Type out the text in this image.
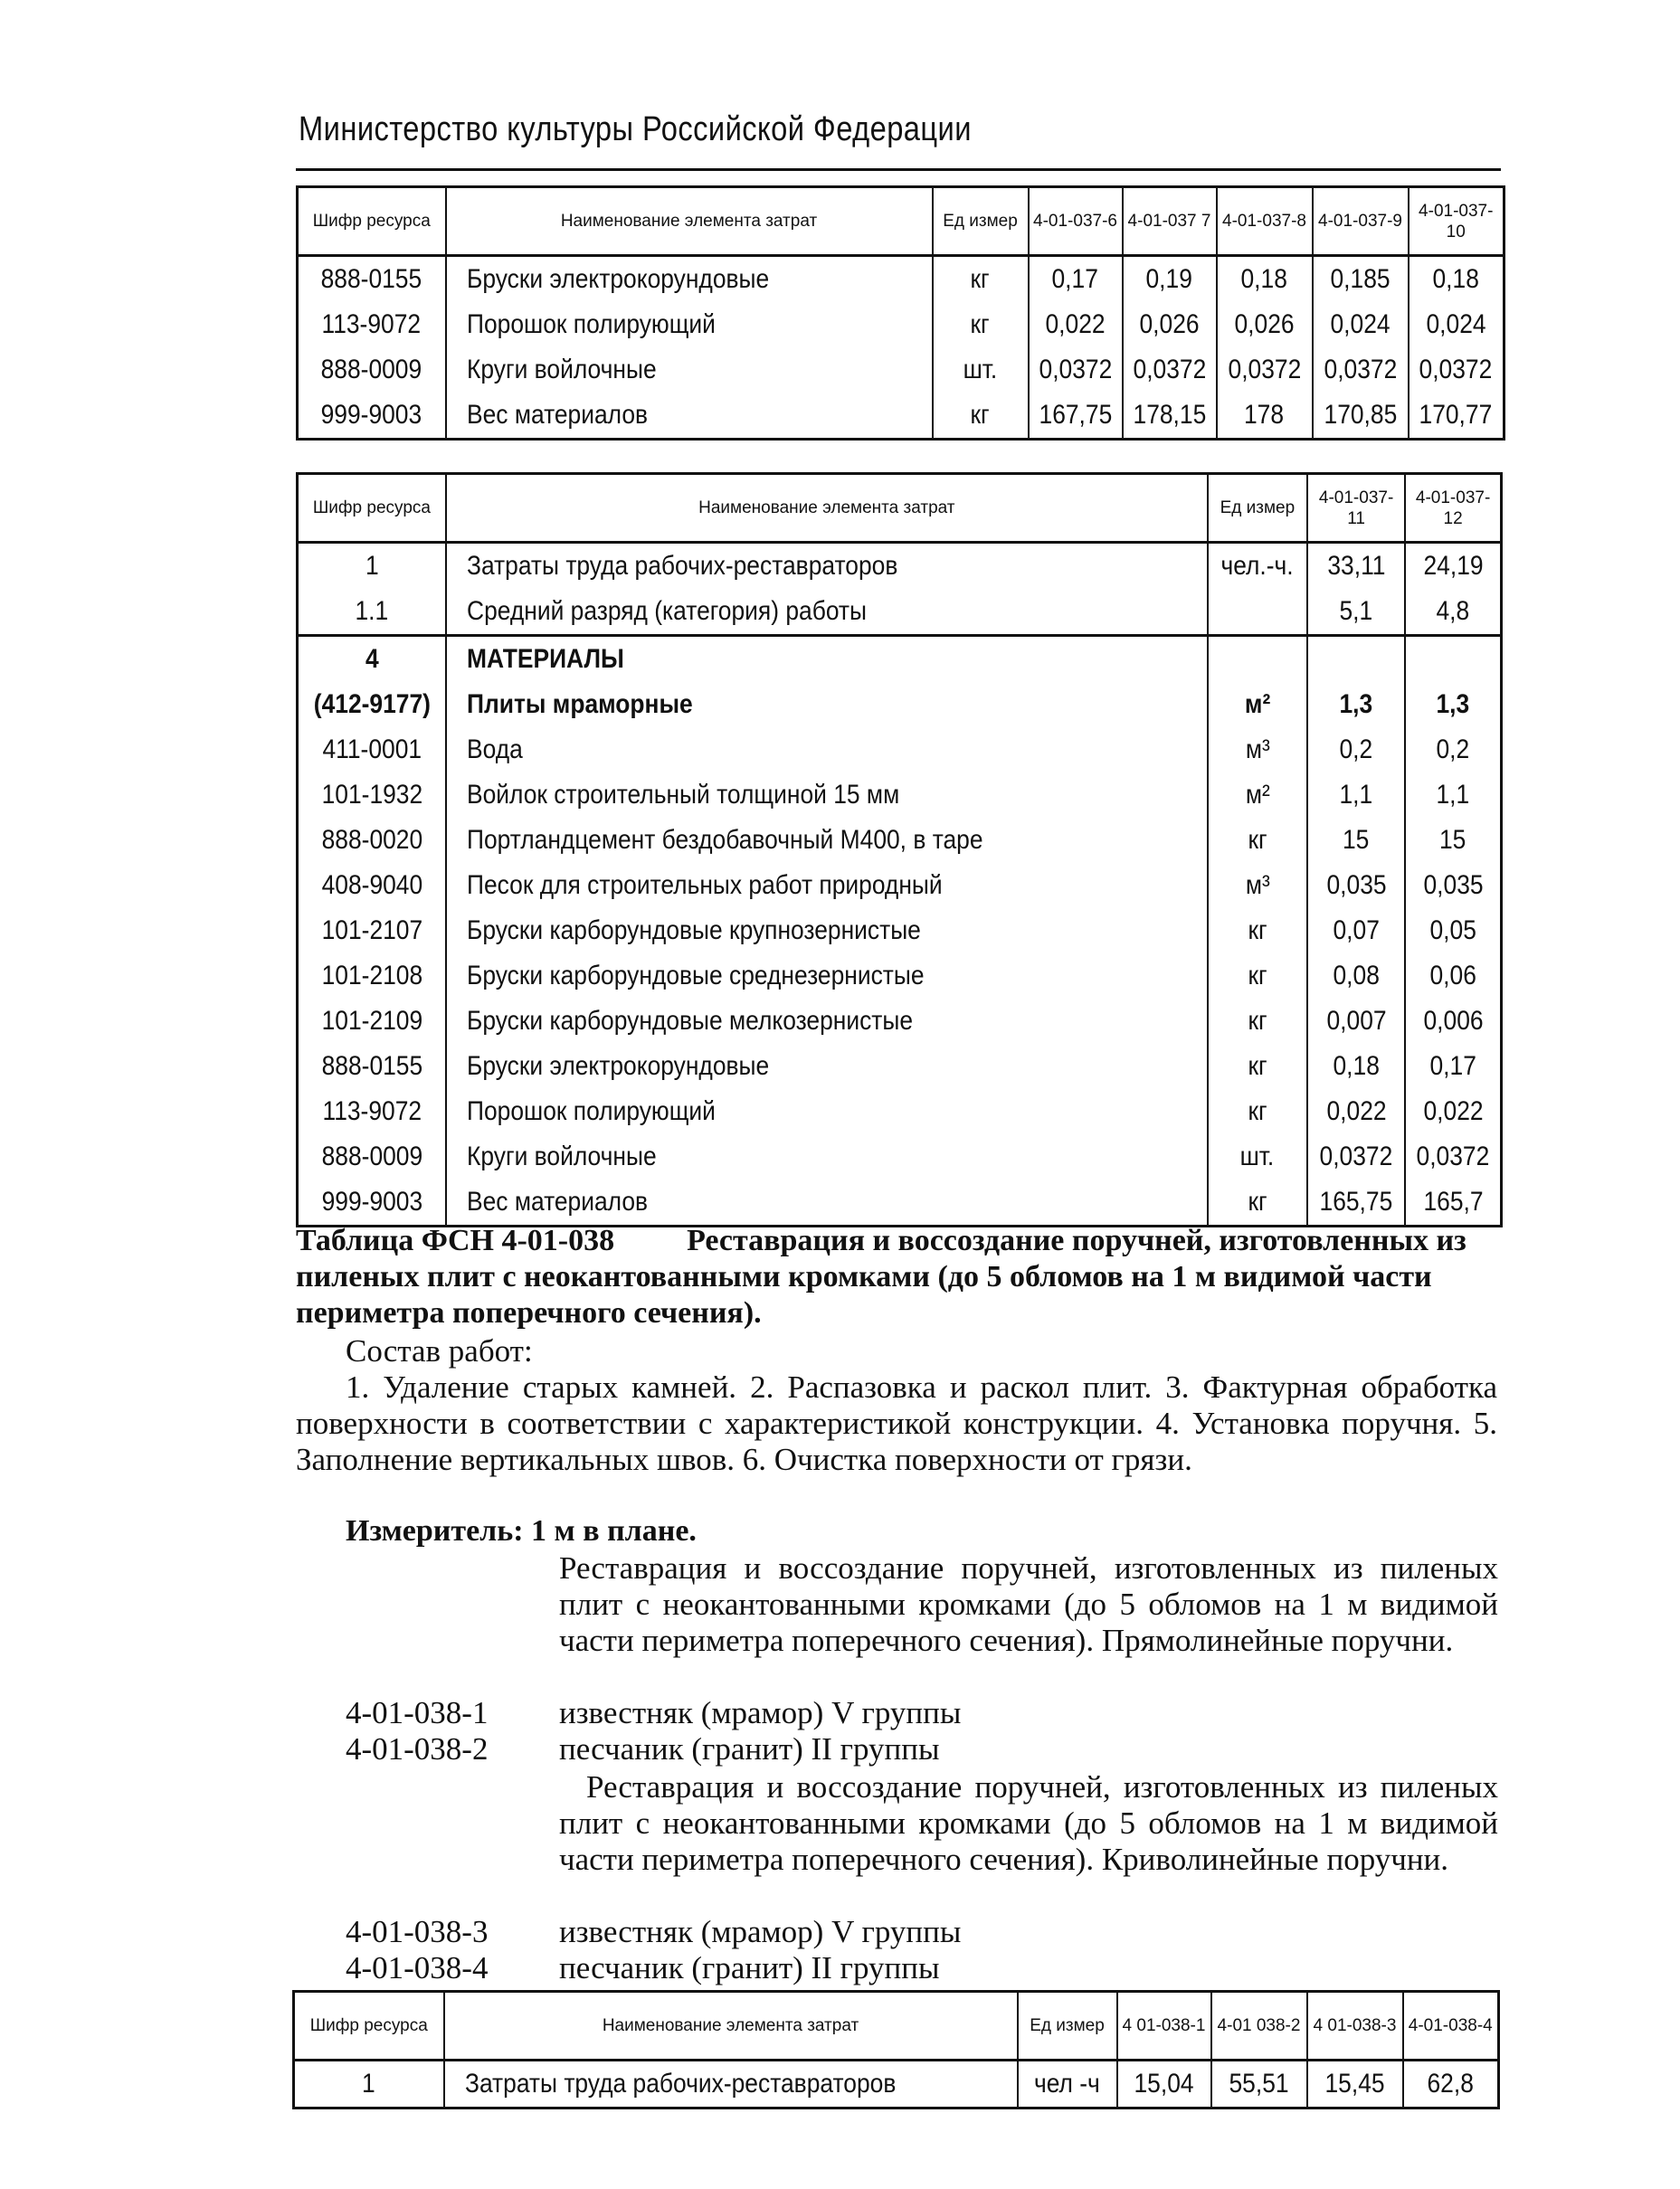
Министерство культуры Российской Федерации
Шифр ресурса	Наименование элемента затрат	Ед измер	4-01-037-6	4-01-037 7	4-01-037-8	4-01-037-9	4-01-037-10
888-0155	Бруски электрокорундовые	кг	0,17	0,19	0,18	0,185	0,18
113-9072	Порошок полирующий	кг	0,022	0,026	0,026	0,024	0,024
888-0009	Круги войлочные	шт.	0,0372	0,0372	0,0372	0,0372	0,0372
999-9003	Вес материалов	кг	167,75	178,15	178	170,85	170,77
Шифр ресурса	Наименование элемента затрат	Ед измер	4-01-037-11	4-01-037-12
1	Затраты труда рабочих-реставраторов	чел.-ч.	33,11	24,19
1.1	Средний разряд (категория) работы		5,1	4,8
4	МАТЕРИАЛЫ			
(412-9177)	Плиты мраморные	м²	1,3	1,3
411-0001	Вода	м³	0,2	0,2
101-1932	Войлок строительный толщиной 15 мм	м²	1,1	1,1
888-0020	Портландцемент бездобавочный М400, в таре	кг	15	15
408-9040	Песок для строительных работ природный	м³	0,035	0,035
101-2107	Бруски карборундовые крупнозернистые	кг	0,07	0,05
101-2108	Бруски карборундовые среднезернистые	кг	0,08	0,06
101-2109	Бруски карборундовые мелкозернистые	кг	0,007	0,006
888-0155	Бруски электрокорундовые	кг	0,18	0,17
113-9072	Порошок полирующий	кг	0,022	0,022
888-0009	Круги войлочные	шт.	0,0372	0,0372
999-9003	Вес материалов	кг	165,75	165,7
Таблица ФСН 4-01-038 Реставрация и воссоздание поручней, изготовленных из пиленых плит с неокантованными кромками (до 5 обломов на 1 м видимой части периметра поперечного сечения).
Состав работ:
1. Удаление старых камней. 2. Распазовка и раскол плит. 3. Фактурная обработка поверхности в соответствии с характеристикой конструкции. 4. Установка поручня. 5. Заполнение вертикальных швов. 6. Очистка поверхности от грязи.
Измеритель: 1 м в плане.
Реставрация и воссоздание поручней, изготовленных из пиленых плит с неокантованными кромками (до 5 обломов на 1 м видимой части периметра поперечного сечения). Прямолинейные поручни.
4-01-038-1 известняк (мрамор) V группы
4-01-038-2 песчаник (гранит) II группы
Реставрация и воссоздание поручней, изготовленных из пиленых плит с неокантованными кромками (до 5 обломов на 1 м видимой части периметра поперечного сечения). Криволинейные поручни.
4-01-038-3 известняк (мрамор) V группы
4-01-038-4 песчаник (гранит) II группы
Шифр ресурса	Наименование элемента затрат	Ед измер	4 01-038-1	4-01 038-2	4 01-038-3	4-01-038-4
1	Затраты труда рабочих-реставраторов	чел -ч	15,04	55,51	15,45	62,8
